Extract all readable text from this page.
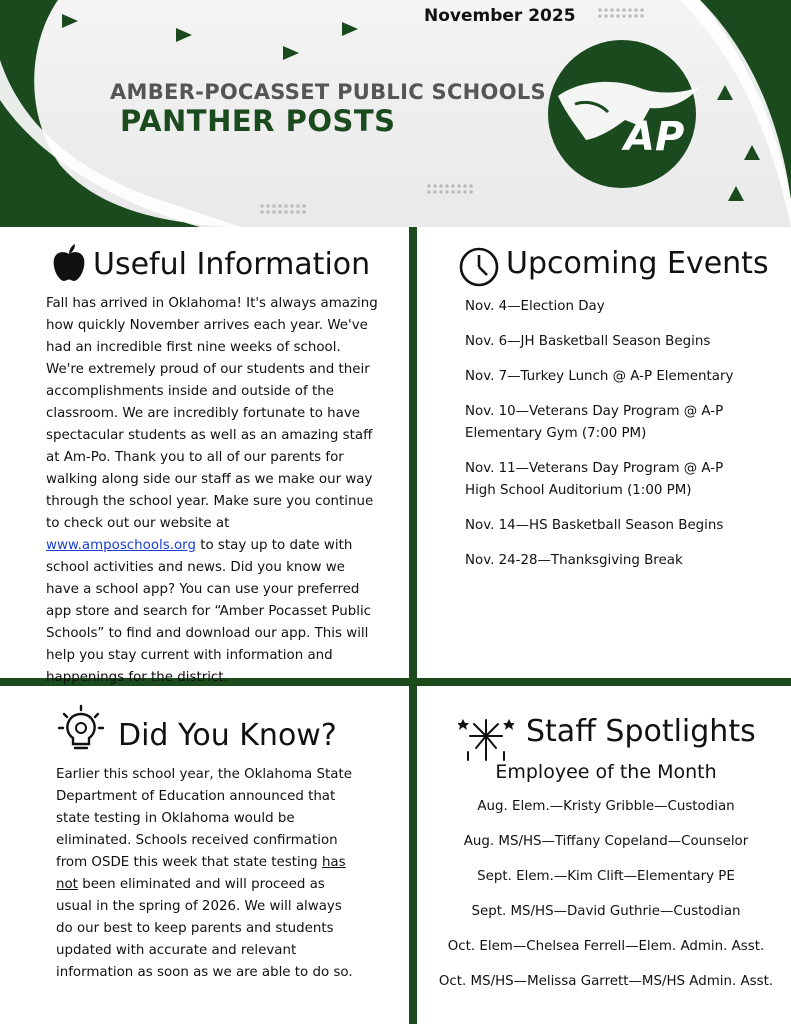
AP
November 2025
AMBER-POCASSET PUBLIC SCHOOLS
PANTHER POSTS
Useful Information
Fall has arrived in Oklahoma! It's always amazing how quickly November arrives each year. We've had an incredible first nine weeks of school. We're extremely proud of our students and their accomplishments inside and outside of the classroom. We are incredibly fortunate to have spectacular students as well as an amazing staff at Am-Po. Thank you to all of our parents for walking along side our staff as we make our way through the school year. Make sure you continue to check out our website at www.amposchools.org to stay up to date with school activities and news. Did you know we have a school app? You can use your preferred app store and search for “Amber Pocasset Public Schools” to find and download our app. This will help you stay current with information and happenings for the district.
Upcoming Events
Nov. 4—Election Day
Nov. 6—JH Basketball Season Begins
Nov. 7—Turkey Lunch @ A-P Elementary
Nov. 10—Veterans Day Program @ A-P Elementary Gym (7:00 PM)
Nov. 11—Veterans Day Program @ A-P High School Auditorium (1:00 PM)
Nov. 14—HS Basketball Season Begins
Nov. 24-28—Thanksgiving Break
Did You Know?
Earlier this school year, the Oklahoma State Department of Education announced that state testing in Oklahoma would be eliminated. Schools received confirmation from OSDE this week that state testing has not been eliminated and will proceed as usual in the spring of 2026. We will always do our best to keep parents and students updated with accurate and relevant information as soon as we are able to do so.
Staff Spotlights
Employee of the Month
Aug. Elem.—Kristy Gribble—Custodian
Aug. MS/HS—Tiffany Copeland—Counselor
Sept. Elem.—Kim Clift—Elementary PE
Sept. MS/HS—David Guthrie—Custodian
Oct. Elem—Chelsea Ferrell—Elem. Admin. Asst.
Oct. MS/HS—Melissa Garrett—MS/HS Admin. Asst.
